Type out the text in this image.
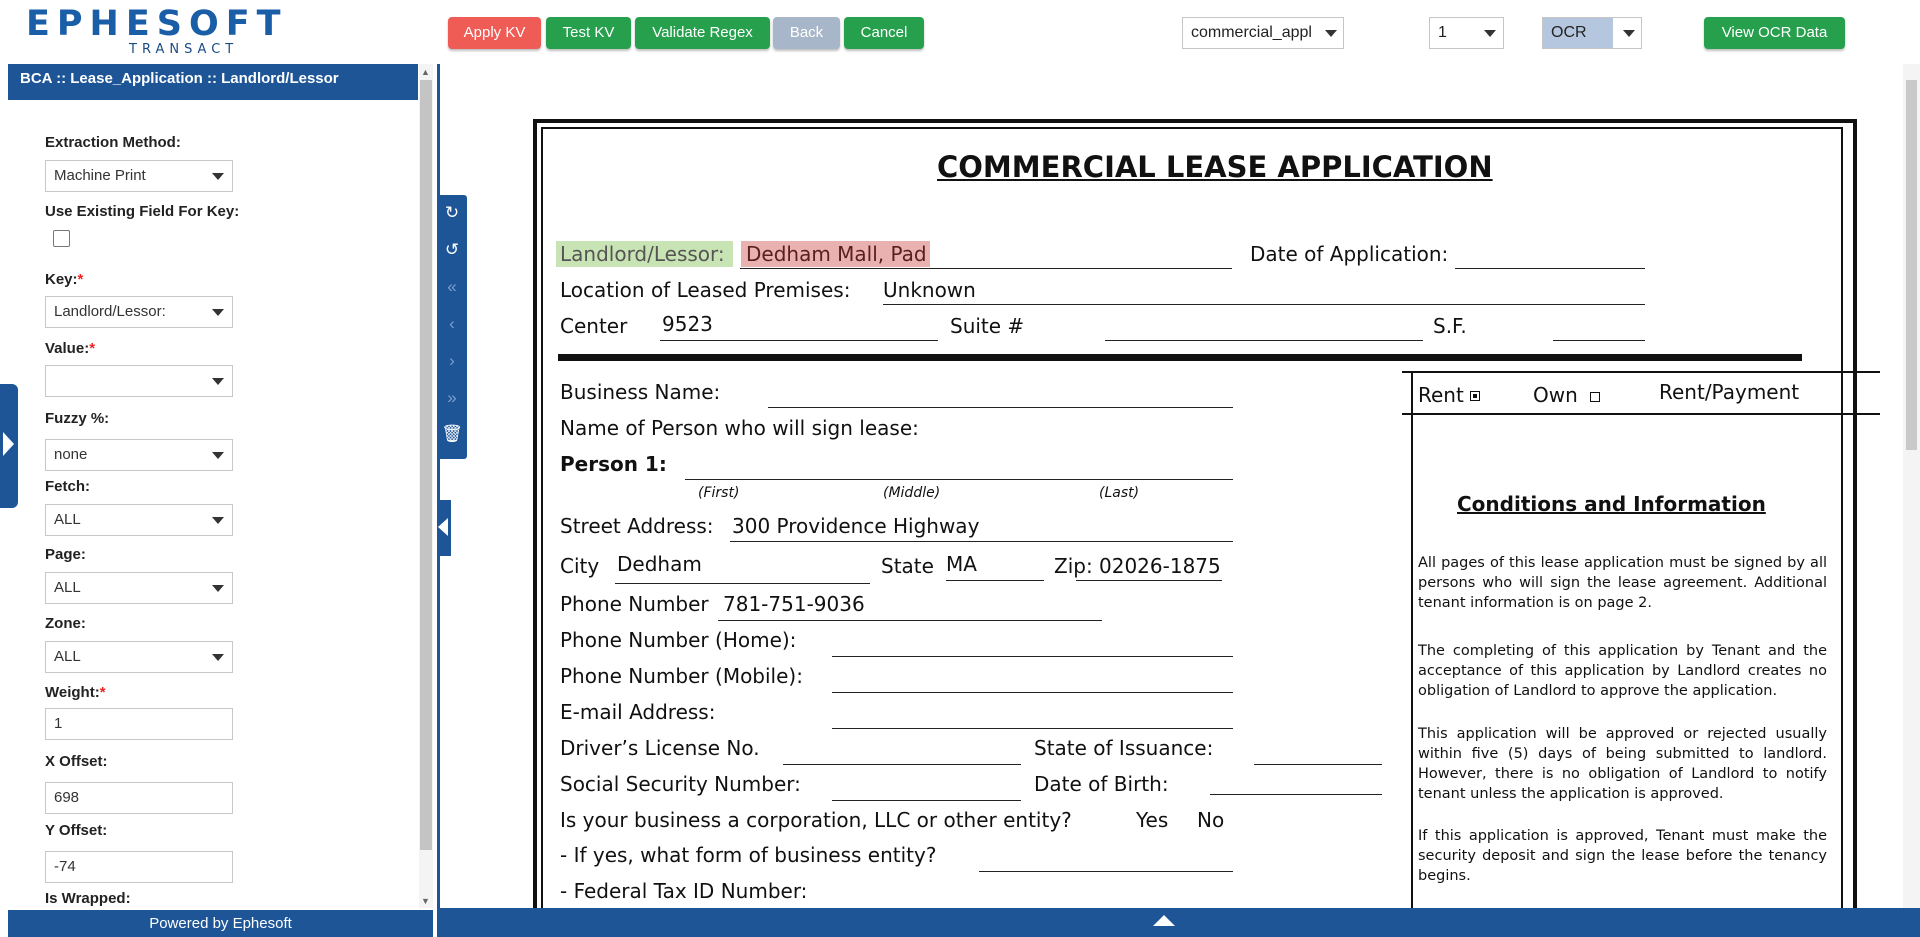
EPHESOFT
TRANSACT
Apply KV	Test KV	Validate Regex	Back	Cancel	commercial_appl	1	OCR	View OCR Data
BCA :: Lease_Application :: Landlord/Lessor
Extraction Method:
Machine Print
Use Existing Field For Key:
Key:*
Landlord/Lessor:
Value:*
Fuzzy %:
none
Fetch:
ALL
Page:
ALL
Zone:
ALL
Weight:*
1
X Offset:
698
Y Offset:
-74
Is Wrapped:
▲
▼
Powered by Ephesoft
COMMERCIAL LEASE APPLICATION
Landlord/Lessor: Dedham Mall, Pad	Date of Application:
Location of Leased Premises: Unknown
Center 9523	Suite #	S.F.
Business Name:
Name of Person who will sign lease:
Person 1:
(First)	(Middle)	(Last)
Street Address: 300 Providence Highway
City Dedham	State MA	Zip: 02026-1875
Phone Number 781-751-9036
Phone Number (Home):
Phone Number (Mobile):
E-mail Address:
Driver’s License No.	State of Issuance:
Social Security Number:	Date of Birth:
Is your business a corporation, LLC or other entity?	Yes No
- If yes, what form of business entity?
- Federal Tax ID Number:
Rent	Own	Rent/Payment
Conditions and Information
All pages of this lease application must be signed by all persons who will sign the lease agreement. Additional tenant information is on page 2.
The completing of this application by Tenant and the acceptance of this application by Landlord creates no obligation of Landlord to approve the application.
This application will be approved or rejected usually within five (5) days of being submitted to landlord. However, there is no obligation of Landlord to notify tenant unless the application is approved.
If this application is approved, Tenant must make the security deposit and sign the lease before the tenancy begins.
↻
↺
«
‹
›
»
🗑
